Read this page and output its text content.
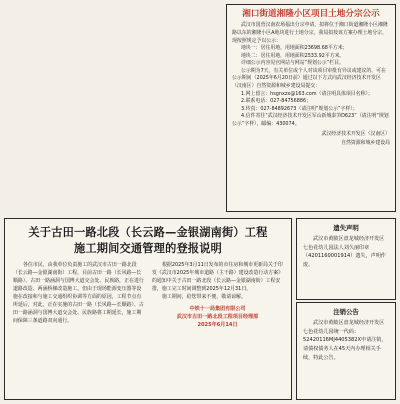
湘口街道湘隆小区项目土地分宗公示

武汉市国营汉南农场福出分宗申请，拟将位于湘口街道湘隆小区湘隆路以东的湘隆小区A地块进行土地分宗。我局拟按该方案办理土地分宗，现按照规定予以公示：

地块一：居住用地，用地面积23698.68平方米；

地块二：居住用地，用地面积2533.92平方米。

详细公示内容见官网站与网站“规划公示”栏目。

公示期为7天，有关单位或个人对该项目审批有异议或建议的，可在公示期间（2025年6月20日前）通过以下方式向武汉经济技术开发区（汉南区）自然资源和城乡建设局提交：

1.网上留言：hsgnxzx@163.com（请注明具体项目名称）；

2.联系电话：027-84756886；

3.传真：027-84892673（请注明“规划公示”字样）；

4.信件寄往“武汉经济技术开发区军山新城泰笋D623”（请注明“规划公示”字样），邮编：430074。

武汉经济技术开发区（汉南区）

自然资源和城乡建设局

关于古田一路北段（长云路—金银湖南街）工程
施工期间交通管理的登报说明

各位市民，由我单位负责施工的武汉市古田一路北段（长云路—金银湖南街）工程，目前古田一路（长风路—长顺路）、古田一路涵洞与国博大道交会处、民族路，正在进行道路改造、两涵桥梯改造施工。但由于现场能源变压器等设施在改接和与施工交通组织协调等方面的原因，工程节点有所延后，对此，正在实施的古田一路（长风路—长顺路）、古田一路涵洞与国博大道交会处、民族路将工期延长，施工期间保障三条道路双向通行。

根据2025年3月11日发布的市住房和城市更新局关于印发《武汉市2025年城市道路（主干路）建设改造行动方案》的通知中关于古田一路北段（长云路—金银湖南街）工程安排，施工完工时间调整到2025年12月31日。

施工期间，给您带来不便，敬请谅解。

中铁十一局集团有限公司

武汉市古田一路北段工程项目经理部

2025年6月14日

遗失声明

武汉市黄陂区盘龙城经济开发区七色花幼儿园法人刘久丽印章（4201160001914）遗失，声明作废。

注销公告

武汉市黄陂区盘龙城经济开发区七色花幼儿园统一代码：52420116MJ4405382X申请注销，请债权债务人在45天内办理相关手续，特此公告。
